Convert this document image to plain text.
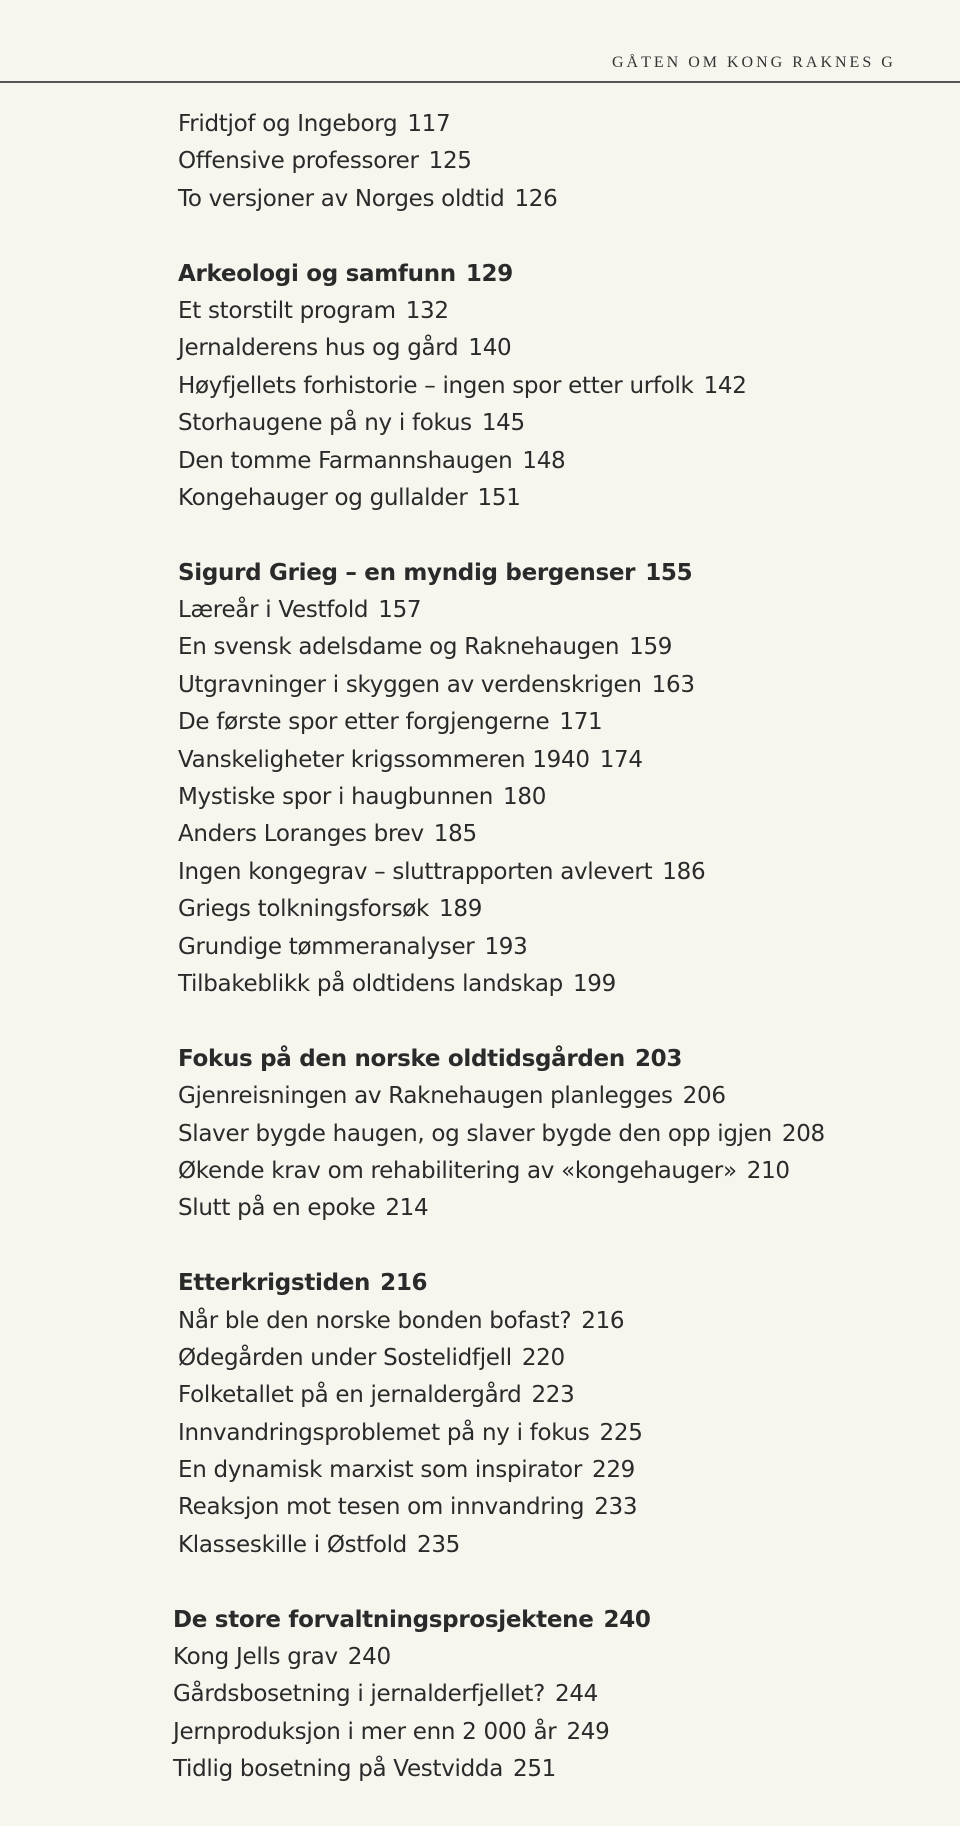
GÅTEN OM KONG RAKNES G
Fridtjof og Ingeborg 117
Offensive professorer 125
To versjoner av Norges oldtid 126
Arkeologi og samfunn 129
Et storstilt program 132
Jernalderens hus og gård 140
Høyfjellets forhistorie – ingen spor etter urfolk 142
Storhaugene på ny i fokus 145
Den tomme Farmannshaugen 148
Kongehauger og gullalder 151
Sigurd Grieg – en myndig bergenser 155
Læreår i Vestfold 157
En svensk adelsdame og Raknehaugen 159
Utgravninger i skyggen av verdenskrigen 163
De første spor etter forgjengerne 171
Vanskeligheter krigssommeren 1940 174
Mystiske spor i haugbunnen 180
Anders Loranges brev 185
Ingen kongegrav – sluttrapporten avlevert 186
Griegs tolkningsforsøk 189
Grundige tømmeranalyser 193
Tilbakeblikk på oldtidens landskap 199
Fokus på den norske oldtidsgården 203
Gjenreisningen av Raknehaugen planlegges 206
Slaver bygde haugen, og slaver bygde den opp igjen 208
Økende krav om rehabilitering av «kongehauger» 210
Slutt på en epoke 214
Etterkrigstiden 216
Når ble den norske bonden bofast? 216
Ødegården under Sostelidfjell 220
Folketallet på en jernaldergård 223
Innvandringsproblemet på ny i fokus 225
En dynamisk marxist som inspirator 229
Reaksjon mot tesen om innvandring 233
Klasseskille i Østfold 235
De store forvaltningsprosjektene 240
Kong Jells grav 240
Gårdsbosetning i jernalderfjellet? 244
Jernproduksjon i mer enn 2 000 år 249
Tidlig bosetning på Vestvidda 251
